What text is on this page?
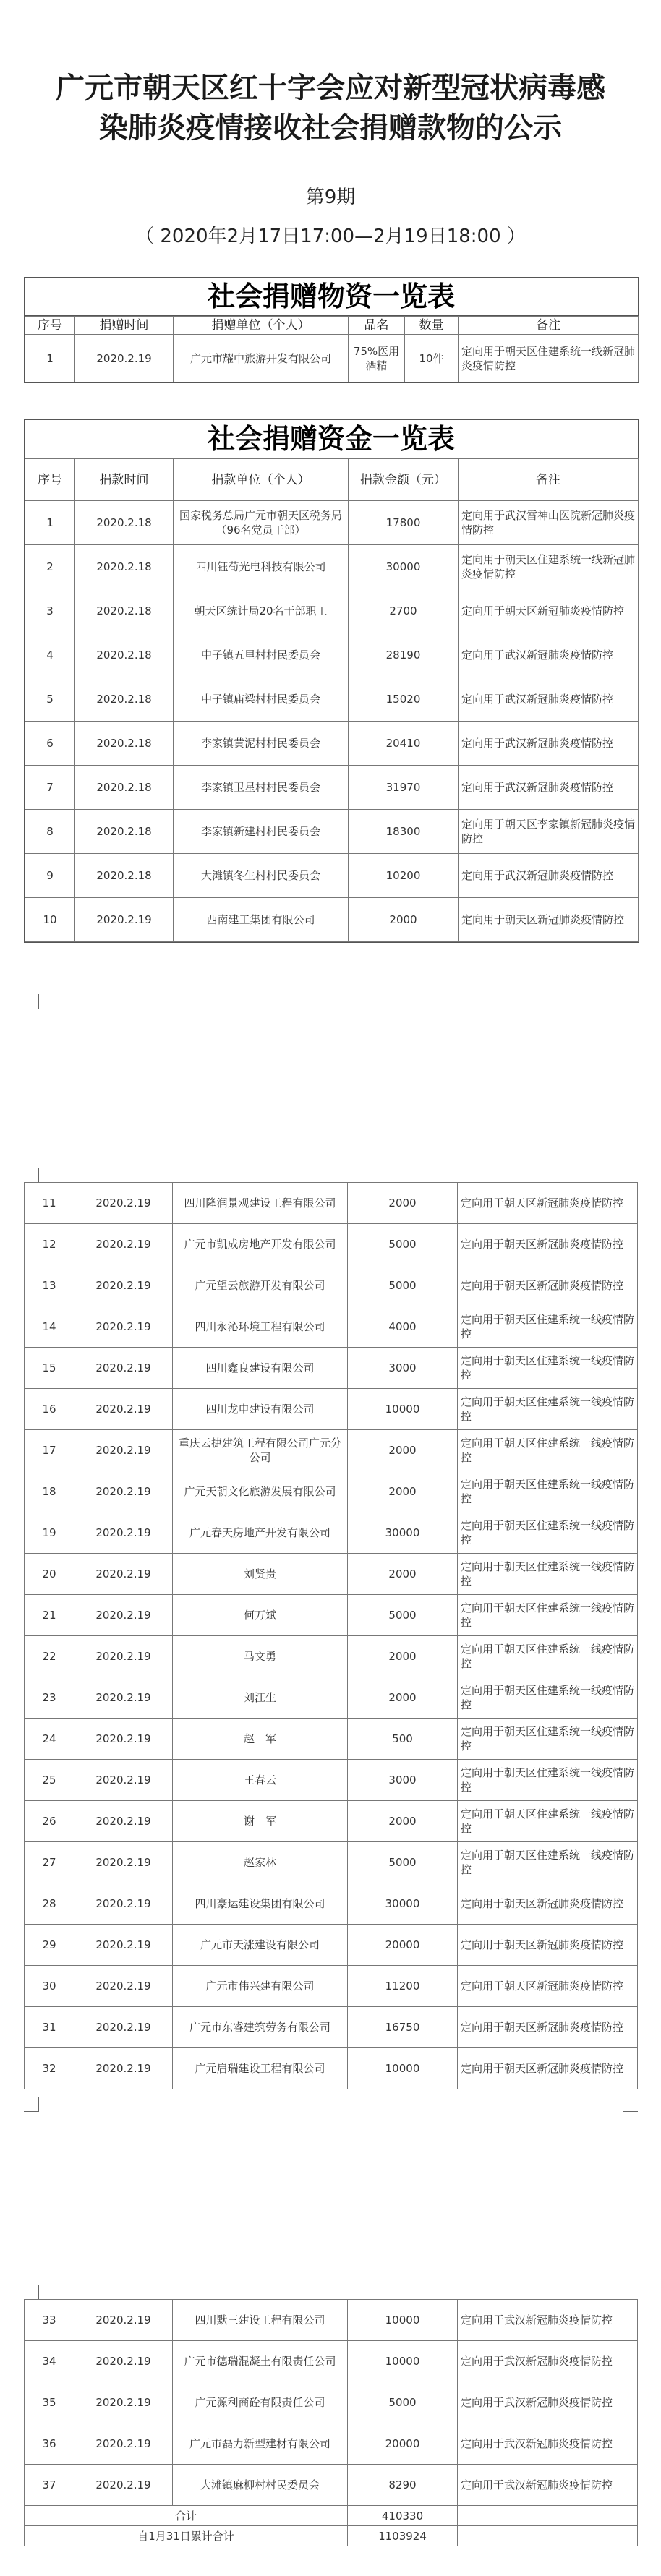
广元市朝天区红十字会应对新型冠状病毒感
染肺炎疫情接收社会捐赠款物的公示
第9期
（ 2020年2月17日17:00—2月19日18:00 ）
社会捐赠物资一览表
序号	捐赠时间	捐赠单位（个人）	品名	数量	备注
1	2020.2.19	广元市耀中旅游开发有限公司	75%医用酒精	10件	定向用于朝天区住建系统一线新冠肺炎疫情防控
社会捐赠资金一览表
序号	捐款时间	捐款单位（个人）	捐款金额（元）	备注
1	2020.2.18	国家税务总局广元市朝天区税务局（96名党员干部）	17800	定向用于武汉雷神山医院新冠肺炎疫情防控
2	2020.2.18	四川钰荀光电科技有限公司	30000	定向用于朝天区住建系统一线新冠肺炎疫情防控
3	2020.2.18	朝天区统计局20名干部职工	2700	定向用于朝天区新冠肺炎疫情防控
4	2020.2.18	中子镇五里村村民委员会	28190	定向用于武汉新冠肺炎疫情防控
5	2020.2.18	中子镇庙梁村村民委员会	15020	定向用于武汉新冠肺炎疫情防控
6	2020.2.18	李家镇黄泥村村民委员会	20410	定向用于武汉新冠肺炎疫情防控
7	2020.2.18	李家镇卫星村村民委员会	31970	定向用于武汉新冠肺炎疫情防控
8	2020.2.18	李家镇新建村村民委员会	18300	定向用于朝天区李家镇新冠肺炎疫情防控
9	2020.2.18	大滩镇冬生村村民委员会	10200	定向用于武汉新冠肺炎疫情防控
10	2020.2.19	西南建工集团有限公司	2000	定向用于朝天区新冠肺炎疫情防控
11	2020.2.19	四川隆润景观建设工程有限公司	2000	定向用于朝天区新冠肺炎疫情防控
12	2020.2.19	广元市凯成房地产开发有限公司	5000	定向用于朝天区新冠肺炎疫情防控
13	2020.2.19	广元望云旅游开发有限公司	5000	定向用于朝天区新冠肺炎疫情防控
14	2020.2.19	四川永沁环境工程有限公司	4000	定向用于朝天区住建系统一线疫情防控
15	2020.2.19	四川鑫良建设有限公司	3000	定向用于朝天区住建系统一线疫情防控
16	2020.2.19	四川龙申建设有限公司	10000	定向用于朝天区住建系统一线疫情防控
17	2020.2.19	重庆云捷建筑工程有限公司广元分公司	2000	定向用于朝天区住建系统一线疫情防控
18	2020.2.19	广元天朝文化旅游发展有限公司	2000	定向用于朝天区住建系统一线疫情防控
19	2020.2.19	广元春天房地产开发有限公司	30000	定向用于朝天区住建系统一线疫情防控
20	2020.2.19	刘贤贵	2000	定向用于朝天区住建系统一线疫情防控
21	2020.2.19	何万斌	5000	定向用于朝天区住建系统一线疫情防控
22	2020.2.19	马文勇	2000	定向用于朝天区住建系统一线疫情防控
23	2020.2.19	刘江生	2000	定向用于朝天区住建系统一线疫情防控
24	2020.2.19	赵　军	500	定向用于朝天区住建系统一线疫情防控
25	2020.2.19	王春云	3000	定向用于朝天区住建系统一线疫情防控
26	2020.2.19	谢　军	2000	定向用于朝天区住建系统一线疫情防控
27	2020.2.19	赵家林	5000	定向用于朝天区住建系统一线疫情防控
28	2020.2.19	四川豪运建设集团有限公司	30000	定向用于朝天区新冠肺炎疫情防控
29	2020.2.19	广元市天涨建设有限公司	20000	定向用于朝天区新冠肺炎疫情防控
30	2020.2.19	广元市伟兴建有限公司	11200	定向用于朝天区新冠肺炎疫情防控
31	2020.2.19	广元市东睿建筑劳务有限公司	16750	定向用于朝天区新冠肺炎疫情防控
32	2020.2.19	广元启瑞建设工程有限公司	10000	定向用于朝天区新冠肺炎疫情防控
33	2020.2.19	四川默三建设工程有限公司	10000	定向用于武汉新冠肺炎疫情防控
34	2020.2.19	广元市德瑞混凝土有限责任公司	10000	定向用于武汉新冠肺炎疫情防控
35	2020.2.19	广元源利商砼有限责任公司	5000	定向用于武汉新冠肺炎疫情防控
36	2020.2.19	广元市磊力新型建材有限公司	20000	定向用于武汉新冠肺炎疫情防控
37	2020.2.19	大滩镇麻柳村村民委员会	8290	定向用于武汉新冠肺炎疫情防控
合计			410330	
自1月31日累计合计			1103924	
